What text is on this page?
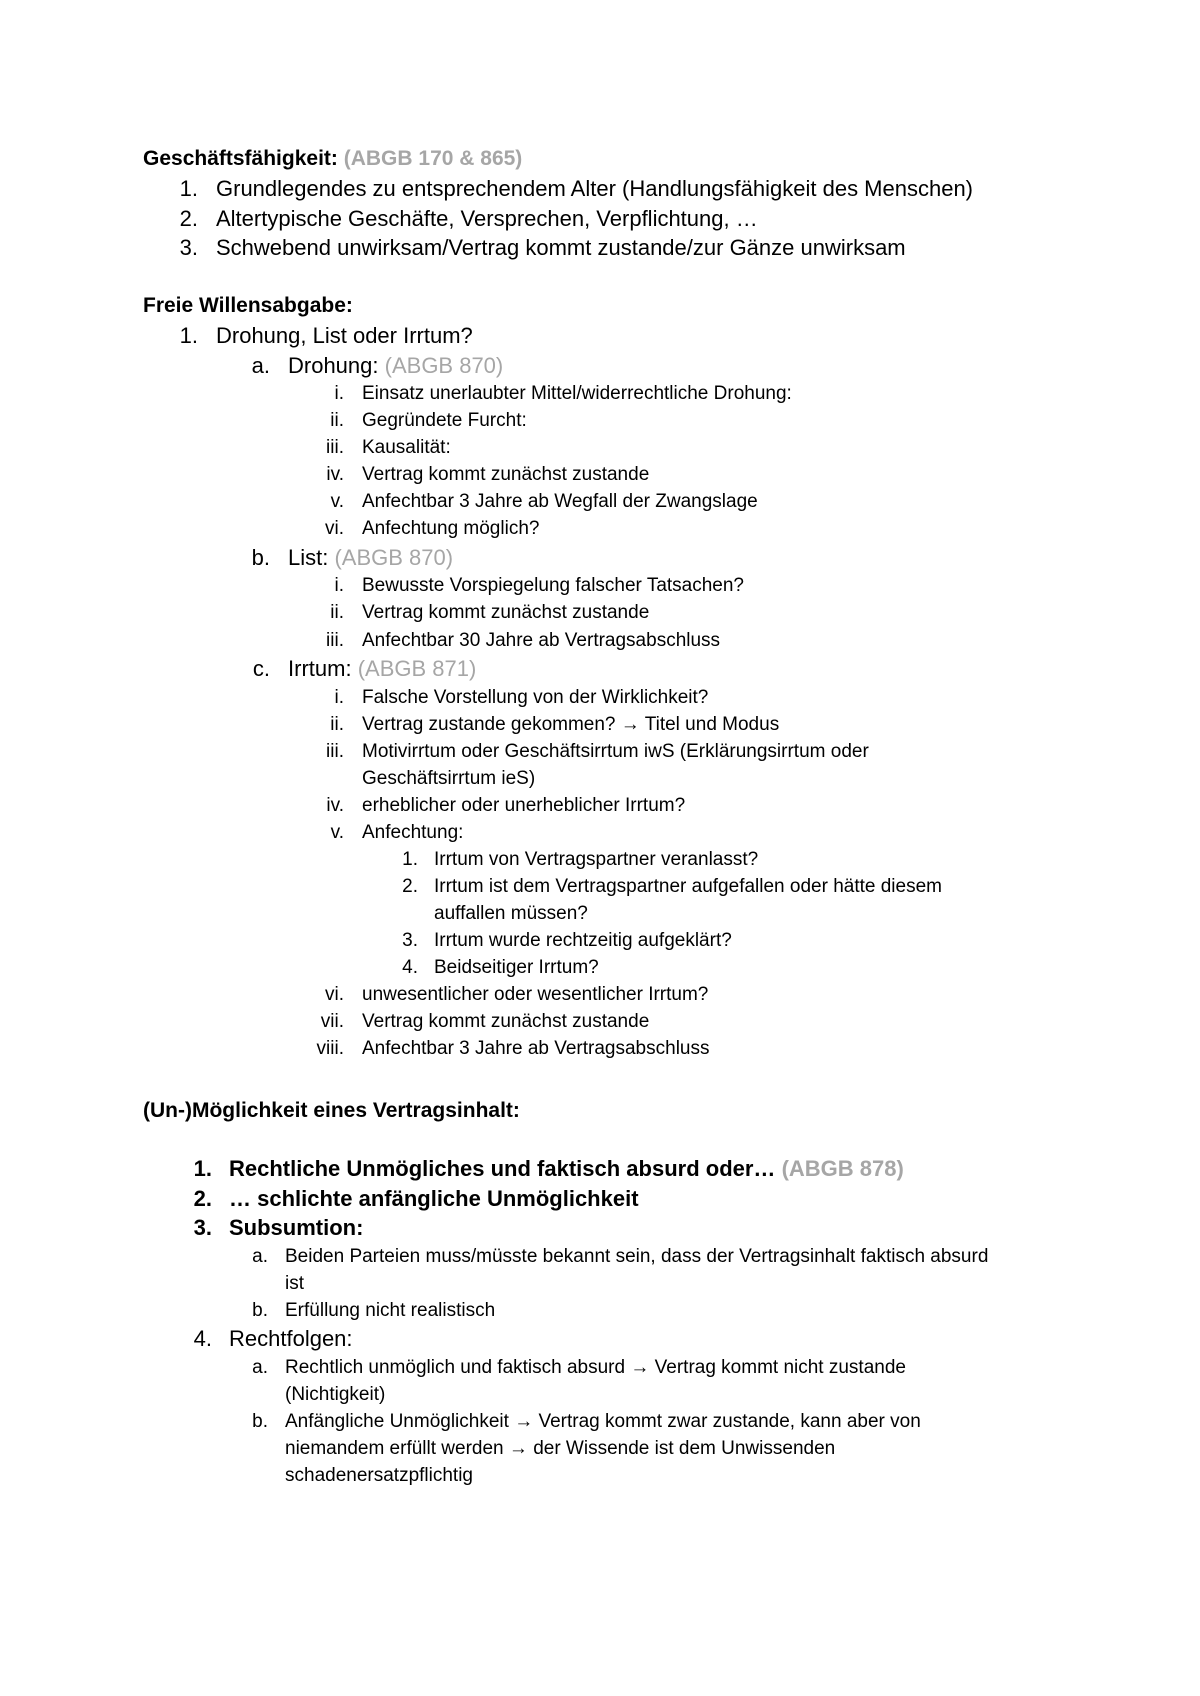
Geschäftsfähigkeit: (ABGB 170 & 865)
1. Grundlegendes zu entsprechendem Alter (Handlungsfähigkeit des Menschen)
2. Altertypische Geschäfte, Versprechen, Verpflichtung, …
3. Schwebend unwirksam/Vertrag kommt zustande/zur Gänze unwirksam
Freie Willensabgabe:
1. Drohung, List oder Irrtum?
a. Drohung: (ABGB 870)
i. Einsatz unerlaubter Mittel/widerrechtliche Drohung:
ii. Gegründete Furcht:
iii. Kausalität:
iv. Vertrag kommt zunächst zustande
v. Anfechtbar 3 Jahre ab Wegfall der Zwangslage
vi. Anfechtung möglich?
b. List: (ABGB 870)
i. Bewusste Vorspiegelung falscher Tatsachen?
ii. Vertrag kommt zunächst zustande
iii. Anfechtbar 30 Jahre ab Vertragsabschluss
c. Irrtum: (ABGB 871)
i. Falsche Vorstellung von der Wirklichkeit?
ii. Vertrag zustande gekommen? → Titel und Modus
iii. Motivirrtum oder Geschäftsirrtum iwS (Erklärungsirrtum oder
Geschäftsirrtum ieS)
iv. erheblicher oder unerheblicher Irrtum?
v. Anfechtung:
1. Irrtum von Vertragspartner veranlasst?
2. Irrtum ist dem Vertragspartner aufgefallen oder hätte diesem
auffallen müssen?
3. Irrtum wurde rechtzeitig aufgeklärt?
4. Beidseitiger Irrtum?
vi. unwesentlicher oder wesentlicher Irrtum?
vii. Vertrag kommt zunächst zustande
viii. Anfechtbar 3 Jahre ab Vertragsabschluss
(Un-)Möglichkeit eines Vertragsinhalt:
1. Rechtliche Unmögliches und faktisch absurd oder… (ABGB 878)
2. … schlichte anfängliche Unmöglichkeit
3. Subsumtion:
a. Beiden Parteien muss/müsste bekannt sein, dass der Vertragsinhalt faktisch absurd
ist
b. Erfüllung nicht realistisch
4. Rechtfolgen:
a. Rechtlich unmöglich und faktisch absurd → Vertrag kommt nicht zustande
(Nichtigkeit)
b. Anfängliche Unmöglichkeit → Vertrag kommt zwar zustande, kann aber von
niemandem erfüllt werden → der Wissende ist dem Unwissenden
schadenersatzpflichtig
